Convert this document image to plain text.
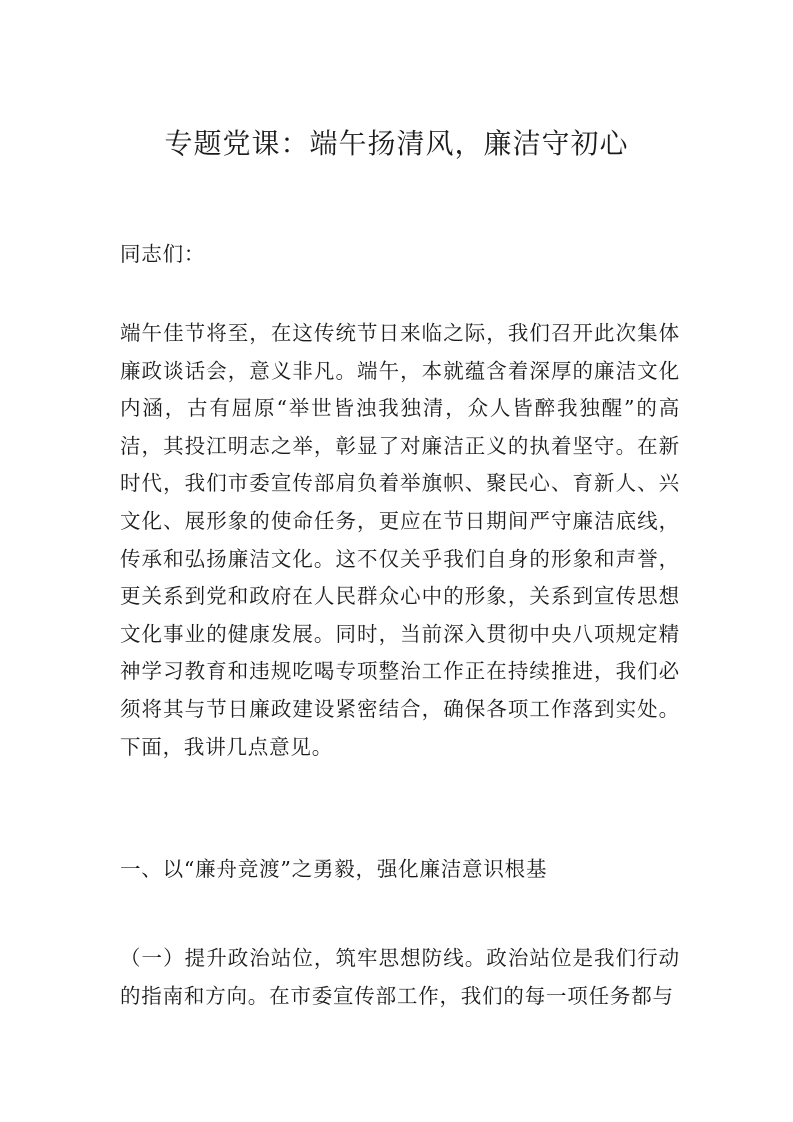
专题党课：端午扬清风，廉洁守初心

同志们：

端午佳节将至，在这传统节日来临之际，我们召开此次集体廉政谈话会，意义非凡。端午，本就蕴含着深厚的廉洁文化内涵，古有屈原“举世皆浊我独清，众人皆醉我独醒”的高洁，其投江明志之举，彰显了对廉洁正义的执着坚守。在新时代，我们市委宣传部肩负着举旗帜、聚民心、育新人、兴文化、展形象的使命任务，更应在节日期间严守廉洁底线，传承和弘扬廉洁文化。这不仅关乎我们自身的形象和声誉，更关系到党和政府在人民群众心中的形象，关系到宣传思想文化事业的健康发展。同时，当前深入贯彻中央八项规定精神学习教育和违规吃喝专项整治工作正在持续推进，我们必须将其与节日廉政建设紧密结合，确保各项工作落到实处。下面，我讲几点意见。

一、以“廉舟竞渡”之勇毅，强化廉洁意识根基

（一）提升政治站位，筑牢思想防线。政治站位是我们行动的指南和方向。在市委宣传部工作，我们的每一项任务都与
